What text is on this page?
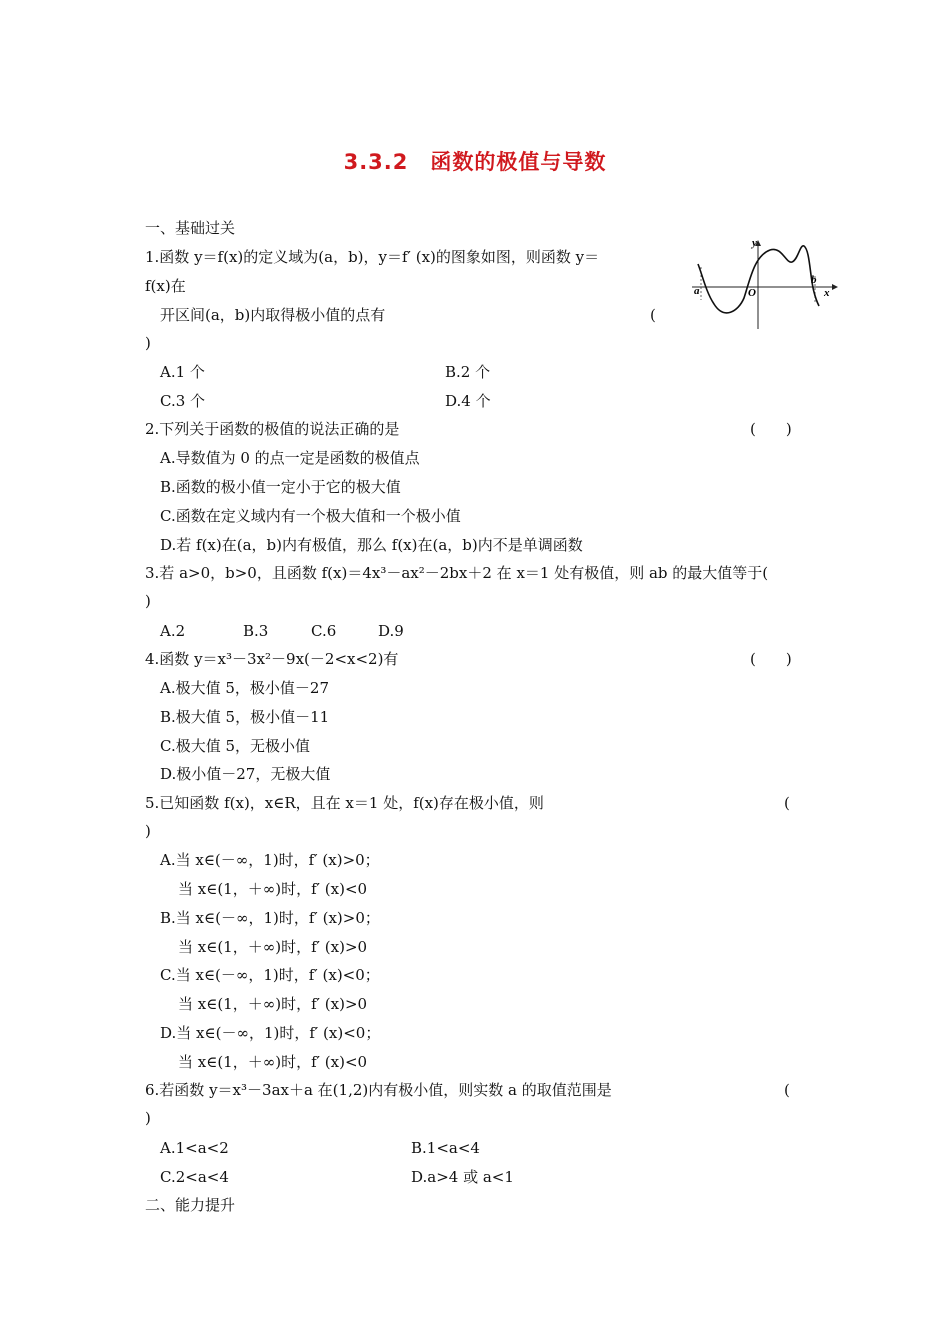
3.3.2　函数的极值与导数
一、基础过关
1.函数 y＝f(x)的定义域为(a，b)，y＝f′ (x)的图象如图，则函数 y＝
f(x)在
开区间(a，b)内取得极小值的点有	(
)
A.1 个	B.2 个
C.3 个	D.4 个
y
x
a
b
O
2.下列关于函数的极值的说法正确的是	(　　)
A.导数值为 0 的点一定是函数的极值点
B.函数的极小值一定小于它的极大值
C.函数在定义域内有一个极大值和一个极小值
D.若 f(x)在(a，b)内有极值，那么 f(x)在(a，b)内不是单调函数
3.若 a>0，b>0，且函数 f(x)＝4x³－ax²－2bx＋2 在 x＝1 处有极值，则 ab 的最大值等于(
)
A.2	B.3	C.6	D.9
4.函数 y＝x³－3x²－9x(－2<x<2)有	(　　)
A.极大值 5，极小值－27
B.极大值 5，极小值－11
C.极大值 5，无极小值
D.极小值－27，无极大值
5.已知函数 f(x)，x∈R，且在 x＝1 处，f(x)存在极小值，则	(
)
A.当 x∈(－∞，1)时，f′ (x)>0；
当 x∈(1，＋∞)时，f′ (x)<0
B.当 x∈(－∞，1)时，f′ (x)>0；
当 x∈(1，＋∞)时，f′ (x)>0
C.当 x∈(－∞，1)时，f′ (x)<0；
当 x∈(1，＋∞)时，f′ (x)>0
D.当 x∈(－∞，1)时，f′ (x)<0；
当 x∈(1，＋∞)时，f′ (x)<0
6.若函数 y＝x³－3ax＋a 在(1,2)内有极小值，则实数 a 的取值范围是	(
)
A.1<a<2	B.1<a<4
C.2<a<4	D.a>4 或 a<1
二、能力提升
